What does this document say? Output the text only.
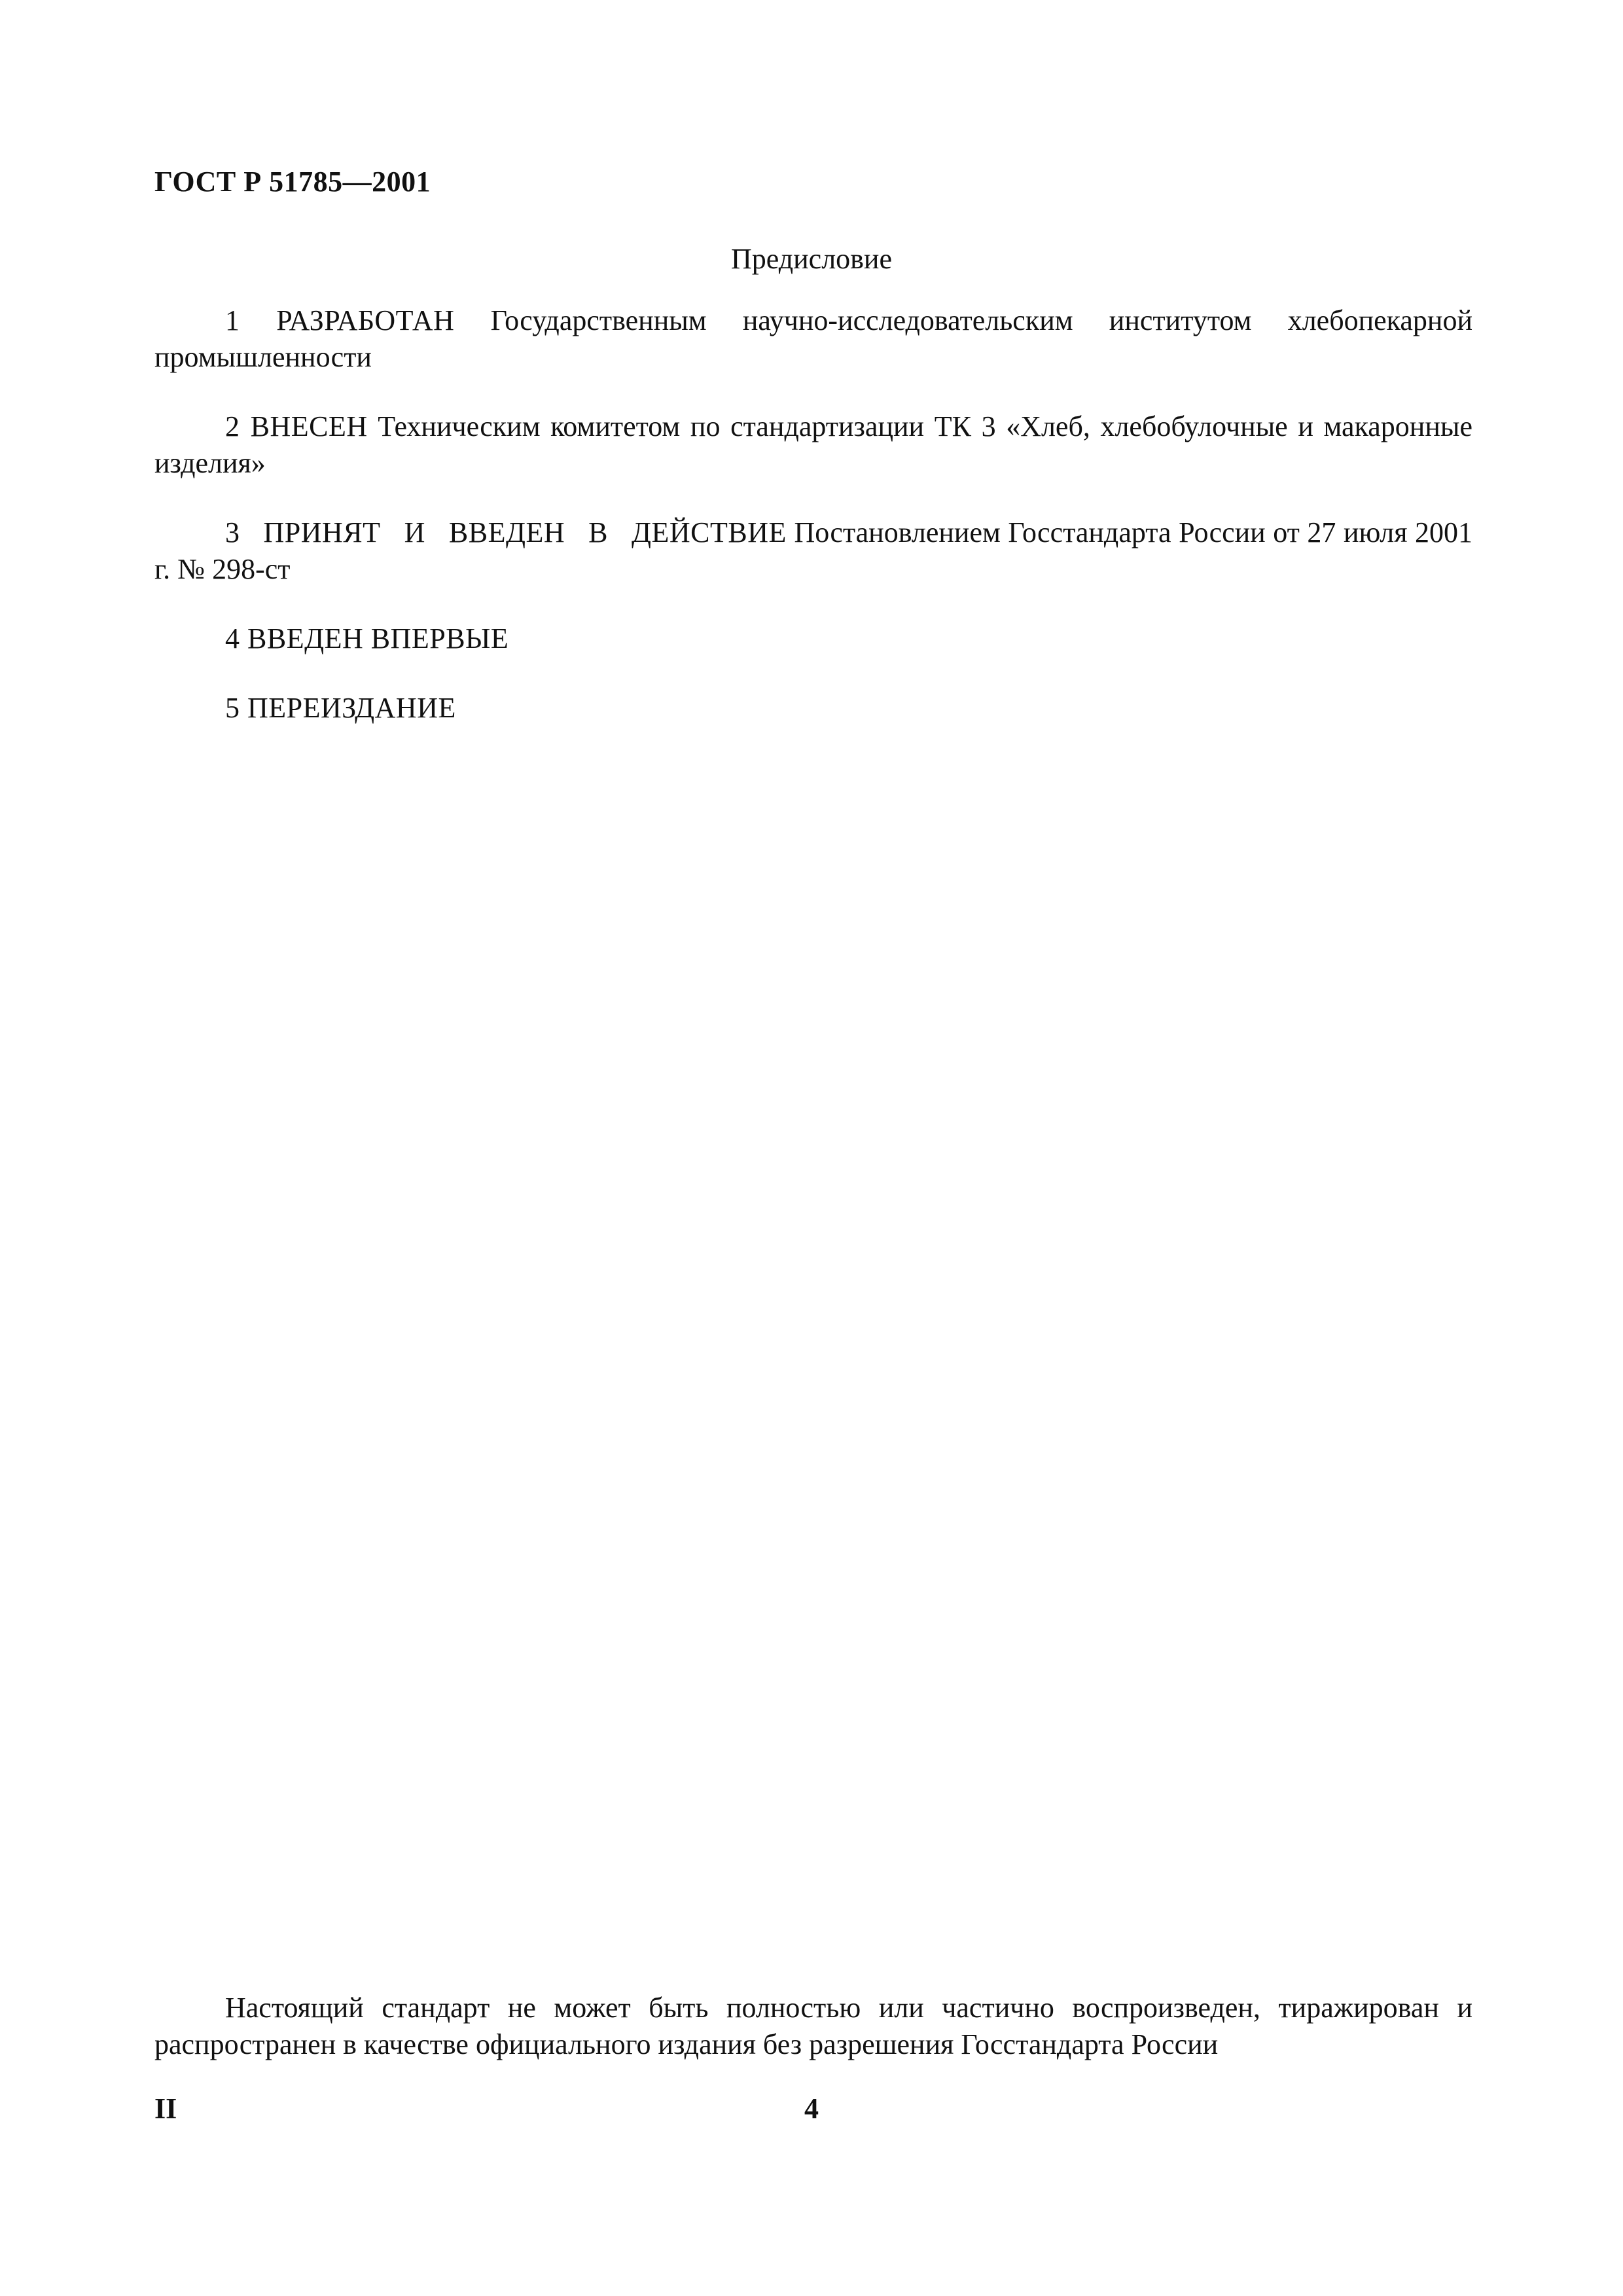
ГОСТ Р 51785—2001

Предисловие

1 РАЗРАБОТАН Государственным научно-исследовательским институтом хлебопекарной промышленности

2 ВНЕСЕН Техническим комитетом по стандартизации ТК 3 «Хлеб, хлебобулочные и макаронные изделия»

3 ПРИНЯТ И ВВЕДЕН В ДЕЙСТВИЕ Постановлением Госстандарта России от 27 июля 2001 г. № 298-ст

4 ВВЕДЕН ВПЕРВЫЕ

5 ПЕРЕИЗДАНИЕ

Настоящий стандарт не может быть полностью или частично воспроизведен, тиражирован и распространен в качестве официального издания без разрешения Госстандарта России

II	4
